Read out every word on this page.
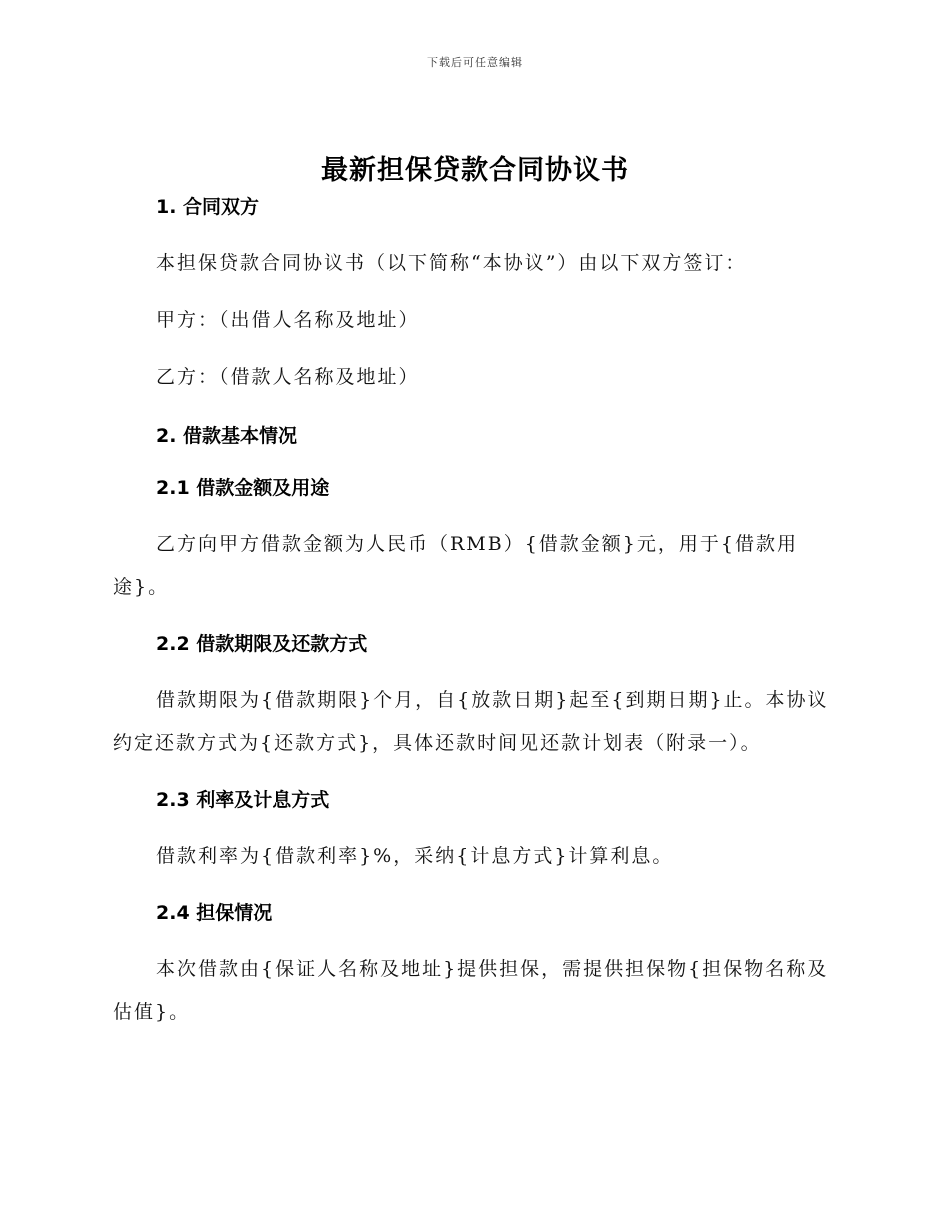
下载后可任意编辑
最新担保贷款合同协议书
1. 合同双方

本担保贷款合同协议书（以下简称“本协议”）由以下双方签订：

甲方：（出借人名称及地址）

乙方：（借款人名称及地址）

2. 借款基本情况
2.1 借款金额及用途

乙方向甲方借款金额为人民币（RMB）{借款金额}元，用于{借款用途}。

2.2 借款期限及还款方式

借款期限为{借款期限}个月，自{放款日期}起至{到期日期}止。本协议约定还款方式为{还款方式}，具体还款时间见还款计划表（附录一）。

2.3 利率及计息方式

借款利率为{借款利率}%，采纳{计息方式}计算利息。

2.4 担保情况

本次借款由{保证人名称及地址}提供担保，需提供担保物{担保物名称及估值}。
